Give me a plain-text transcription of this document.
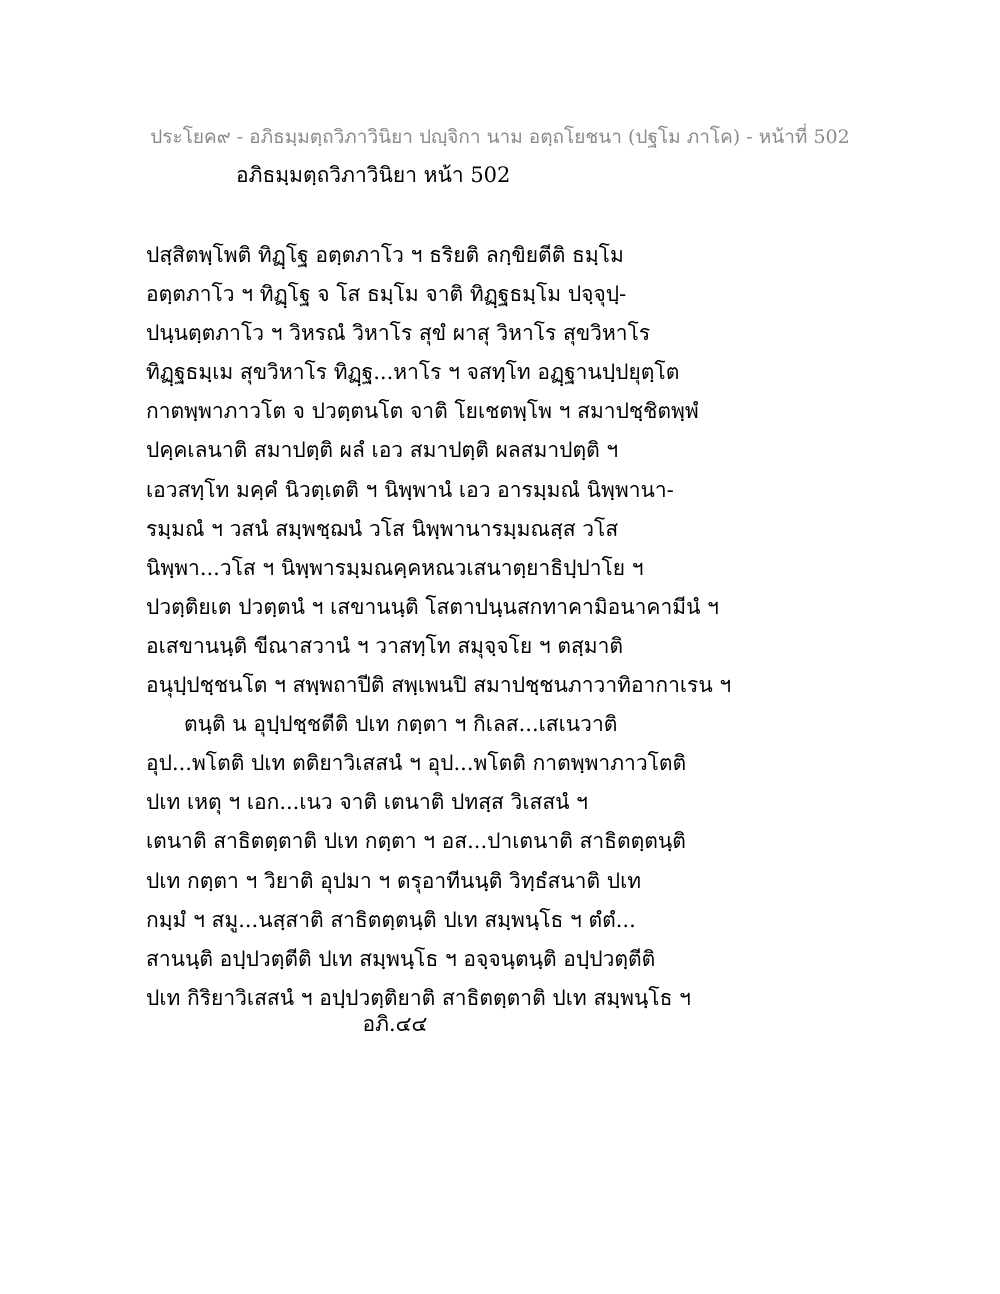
ประโยค๙ - อภิธมฺมตฺถวิภาวินิยา ปญฺจิกา นาม อตฺถโยชนา (ปฐโม ภาโค) - หน้าที่ 502
อภิธมฺมตฺถวิภาวินิยา หน้า 502
ปสฺสิตพฺโพติ ทิฏฺโฐ อตฺตภาโว ฯ ธริยติ ลกฺขิยตีติ ธมฺโม
อตฺตภาโว ฯ ทิฏฺโฐ จ โส ธมฺโม จาติ ทิฏฺฐธมฺโม ปจฺจุปฺ-
ปนฺนตฺตภาโว ฯ วิหรณํ วิหาโร สุขํ ผาสุ วิหาโร สุขวิหาโร
ทิฏฺฐธมฺเม สุขวิหาโร ทิฏฺฐ...หาโร ฯ จสทฺโท อฏฺฐานปฺปยุตฺโต
กาตพฺพาภาวโต จ ปวตฺตนโต จาติ โยเชตพฺโพ ฯ สมาปชฺชิตพฺพํ
ปคฺคเลนาติ สมาปตฺติ ผลํ เอว สมาปตฺติ ผลสมาปตฺติ ฯ
เอวสทฺโท มคฺคํ นิวตฺเตติ ฯ นิพฺพานํ เอว อารมฺมณํ นิพฺพานา-
รมฺมณํ ฯ วสนํ สมฺพชฺฌนํ วโส นิพฺพานารมฺมณสฺส วโส
นิพฺพา...วโส ฯ นิพฺพารมฺมณคฺคหณวเสนาตฺยาธิปฺปาโย ฯ
ปวตฺติยเต ปวตฺตนํ ฯ เสขานนฺติ โสตาปนฺนสกทาคามิอนาคามีนํ ฯ
อเสขานนฺติ ขีณาสวานํ ฯ วาสทฺโท สมุจฺจโย ฯ ตสฺมาติ
อนุปฺปชฺชนโต ฯ สพฺพถาปีติ สพฺเพนปิ สมาปชฺชนภาวาทิอากาเรน ฯ
ตนฺติ น อุปฺปชฺชตีติ ปเท กตฺตา ฯ กิเลส...เสเนวาติ
อุป...พโตติ ปเท ตติยาวิเสสนํ ฯ อุป...พโตติ กาตพฺพาภาวโตติ
ปเท เหตุ ฯ เอก...เนว จาติ เตนาติ ปทสฺส วิเสสนํ ฯ
เตนาติ สาธิตตฺตาติ ปเท กตฺตา ฯ อส...ปาเตนาติ สาธิตตฺตนฺติ
ปเท กตฺตา ฯ วิยาติ อุปมา ฯ ตรุอาทีนนฺติ วิทฺธํสนาติ ปเท
กมฺมํ ฯ สมู...นสฺสาติ สาธิตตฺตนฺติ ปเท สมฺพนฺโธ ฯ ตํตํ...
สานนฺติ อปฺปวตฺตีติ ปเท สมฺพนฺโธ ฯ อจฺจนฺตนฺติ อปฺปวตฺตีติ
ปเท กิริยาวิเสสนํ ฯ อปฺปวตฺติยาติ สาธิตตฺตาติ ปเท สมฺพนฺโธ ฯ
อภิ.๔๔
